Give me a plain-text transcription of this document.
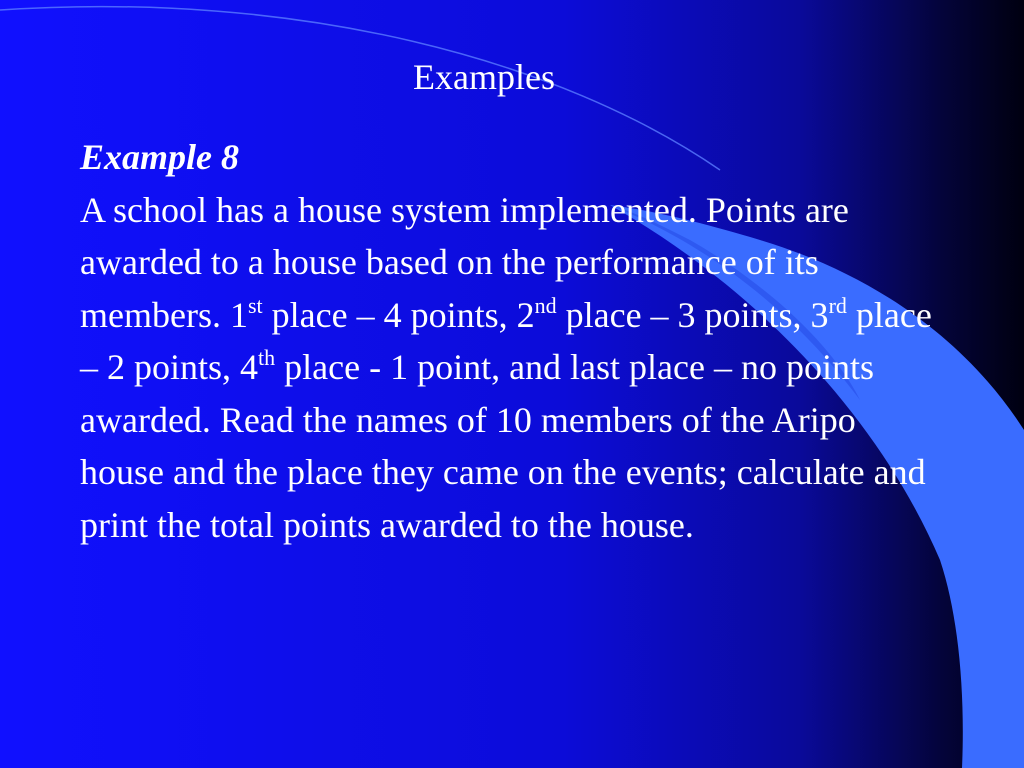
Examples
Example 8
A school has a house system implemented. Points are awarded to a house based on the performance of its members. 1st place – 4 points, 2nd place – 3 points, 3rd place – 2 points, 4th place - 1 point, and last place – no points awarded. Read the names of 10 members of the Aripo house and the place they came on the events; calculate and print the total points awarded to the house.
